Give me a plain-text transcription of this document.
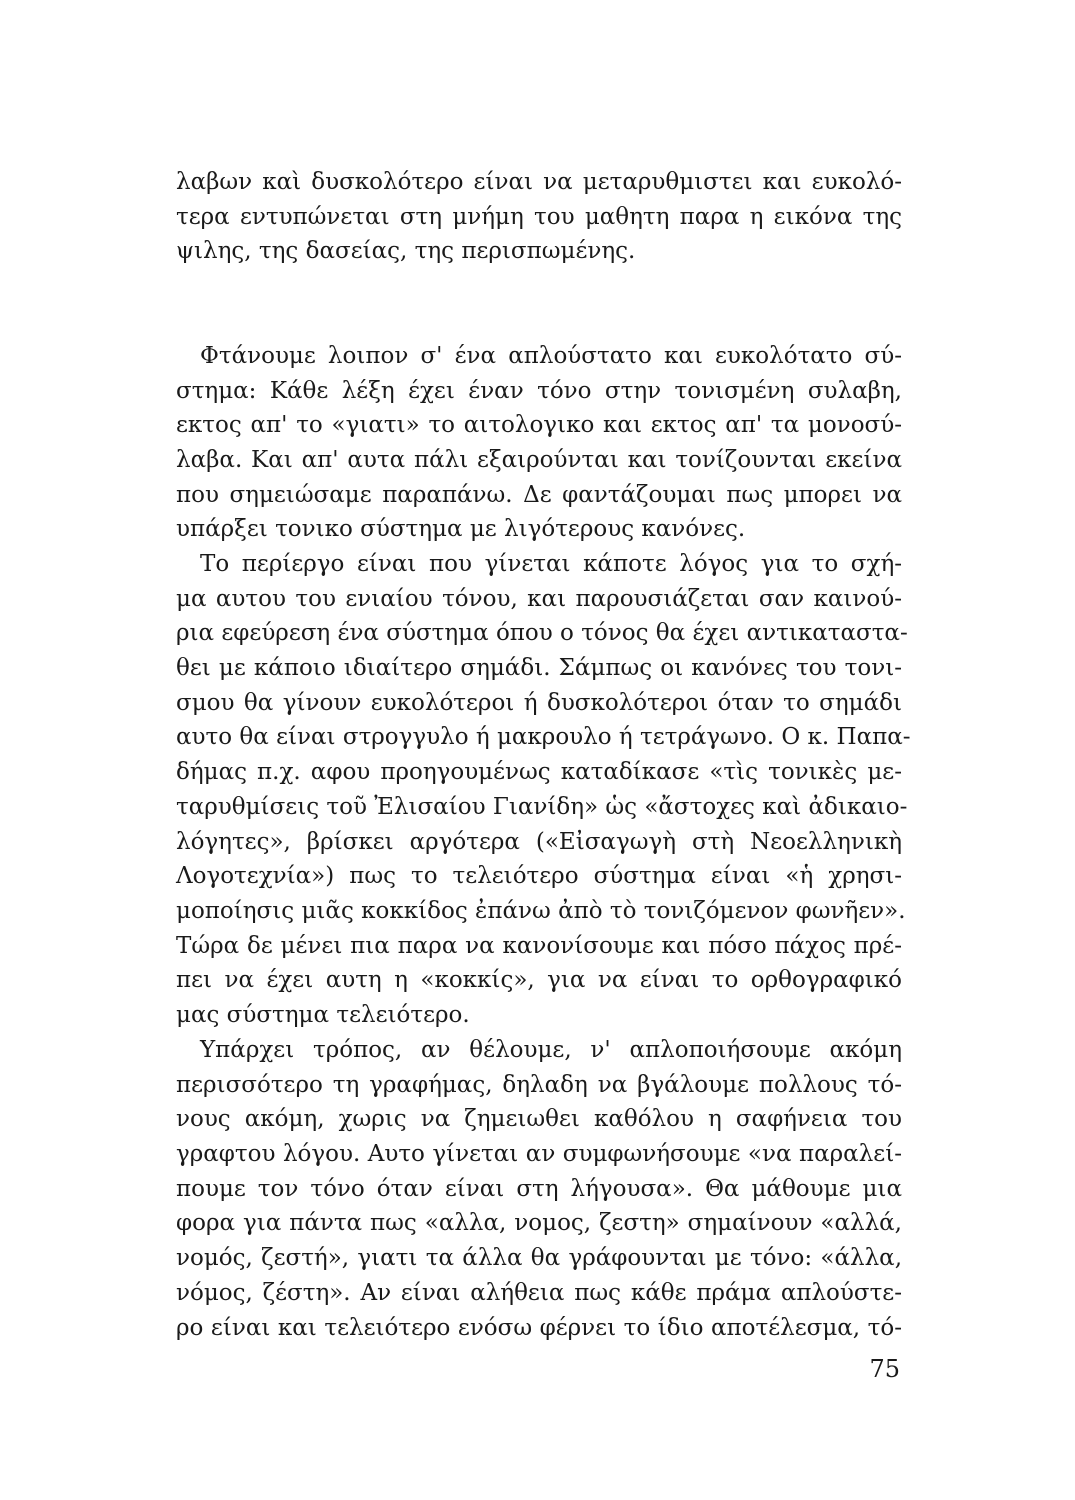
λαβων καὶ δυσκολότερο είναι να μεταρυθμιστει και ευκολό-
τερα εντυπώνεται στη μνήμη του μαθητη παρα η εικόνα της
ψιλης, της δασείας, της περισπωμένης.
Φτάνουμε λοιπον σ' ένα απλούστατο και ευκολότατο σύ-
στημα: Κάθε λέξη έχει έναν τόνο στην τονισμένη συλαβη,
εκτος απ' το «γιατι» το αιτολογικο και εκτος απ' τα μονοσύ-
λαβα. Και απ' αυτα πάλι εξαιρούνται και τονίζουνται εκείνα
που σημειώσαμε παραπάνω. Δε φαντάζουμαι πως μπορει να
υπάρξει τονικο σύστημα με λιγότερους κανόνες.
Το περίεργο είναι που γίνεται κάποτε λόγος για το σχή-
μα αυτου του ενιαίου τόνου, και παρουσιάζεται σαν καινού-
ρια εφεύρεση ένα σύστημα όπου ο τόνος θα έχει αντικαταστα-
θει με κάποιο ιδιαίτερο σημάδι. Σάμπως οι κανόνες του τονι-
σμου θα γίνουν ευκολότεροι ή δυσκολότεροι όταν το σημάδι
αυτο θα είναι στρογγυλο ή μακρουλο ή τετράγωνο. Ο κ. Παπα-
δήμας π.χ. αφου προηγουμένως καταδίκασε «τὶς τονικὲς με-
ταρυθμίσεις τοῦ Ἐλισαίου Γιανίδη» ὡς «ἄστοχες καὶ ἀδικαιο-
λόγητες», βρίσκει αργότερα («Εἰσαγωγὴ στὴ Νεοελληνικὴ
Λογοτεχνία») πως το τελειότερο σύστημα είναι «ἡ χρησι-
μοποίησις μιᾶς κοκκίδος ἐπάνω ἀπὸ τὸ τονιζόμενον φωνῆεν».
Τώρα δε μένει πια παρα να κανονίσουμε και πόσο πάχος πρέ-
πει να έχει αυτη η «κοκκίς», για να είναι το ορθογραφικό
μας σύστημα τελειότερο.
Υπάρχει τρόπος, αν θέλουμε, ν' απλοποιήσουμε ακόμη
περισσότερο τη γραφήμας, δηλαδη να βγάλουμε πολλους τό-
νους ακόμη, χωρις να ζημειωθει καθόλου η σαφήνεια του
γραφτου λόγου. Αυτο γίνεται αν συμφωνήσουμε «να παραλεί-
πουμε τον τόνο όταν είναι στη λήγουσα». Θα μάθουμε μια
φορα για πάντα πως «αλλα, νομος, ζεστη» σημαίνουν «αλλά,
νομός, ζεστή», γιατι τα άλλα θα γράφουνται με τόνο: «άλλα,
νόμος, ζέστη». Αν είναι αλήθεια πως κάθε πράμα απλούστε-
ρο είναι και τελειότερο ενόσω φέρνει το ίδιο αποτέλεσμα, τό-
75
